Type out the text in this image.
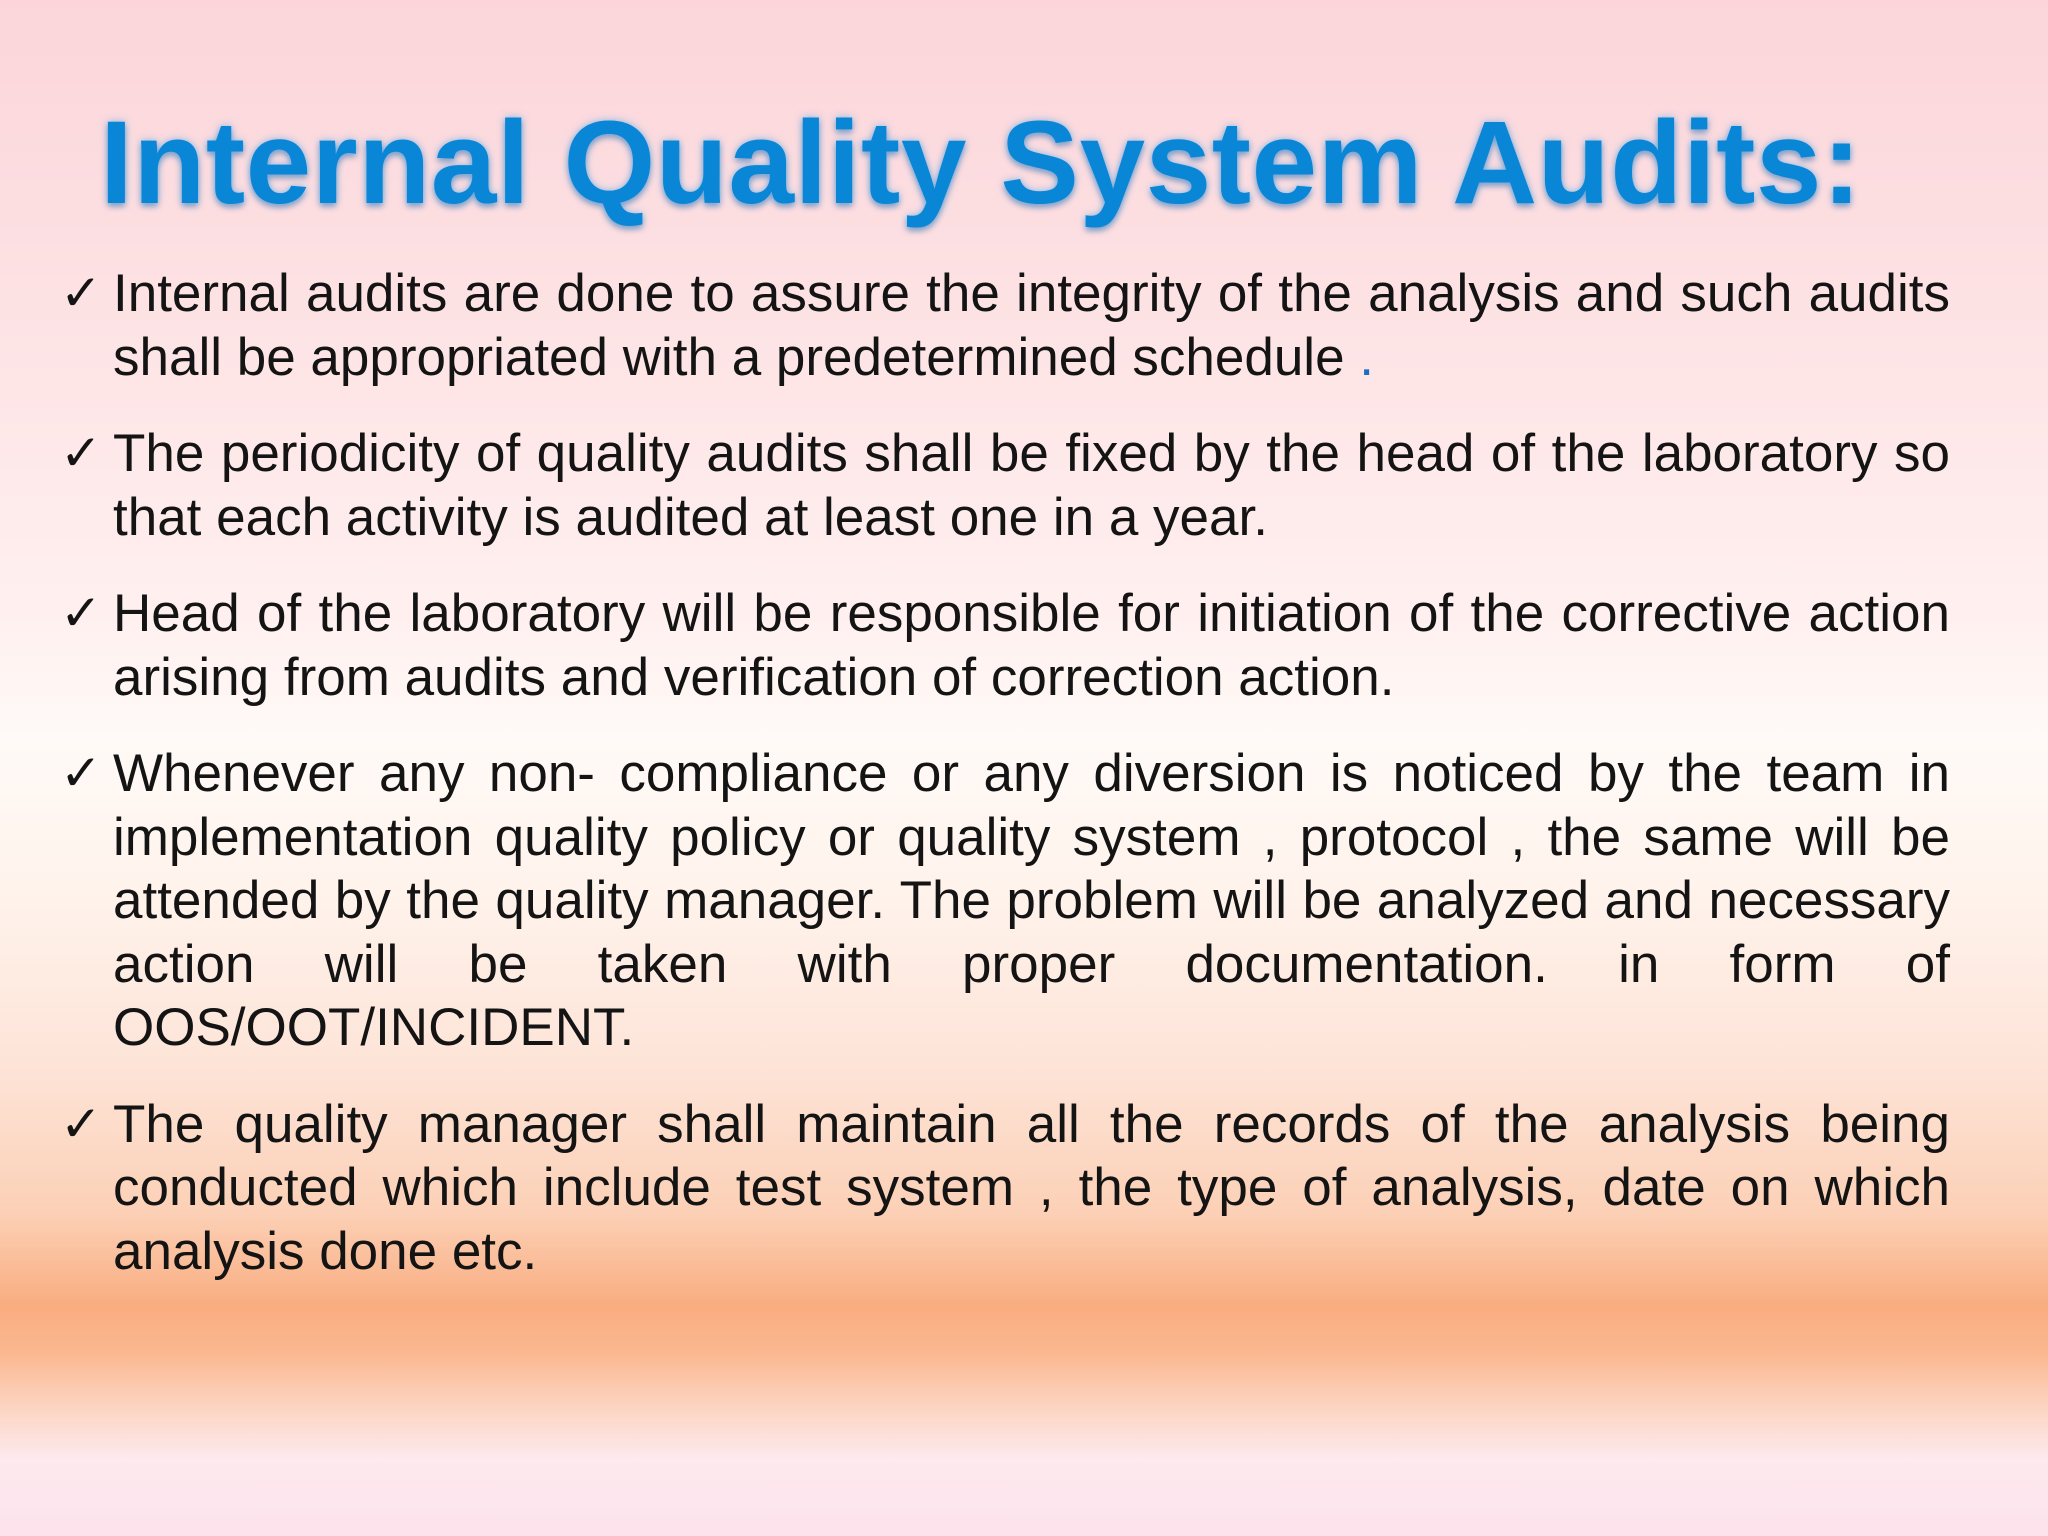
Internal Quality System Audits:
✓ Internal audits are done to assure the integrity of the analysis and such audits shall be appropriated with a predetermined schedule .
✓ The periodicity of quality audits shall be fixed by the head of the laboratory so that each activity is audited at least one in a year.
✓ Head of the laboratory will be responsible for initiation of the corrective action arising from audits and verification of correction action.
✓ Whenever any non- compliance or any diversion is noticed by the team in implementation quality policy or quality system , protocol , the same will be attended by the quality manager. The problem will be analyzed and necessary action will be taken with proper documentation. in form of OOS/OOT/INCIDENT.
✓ The quality manager shall maintain all the records of the analysis being conducted which include test system , the type of analysis, date on which analysis done etc.
